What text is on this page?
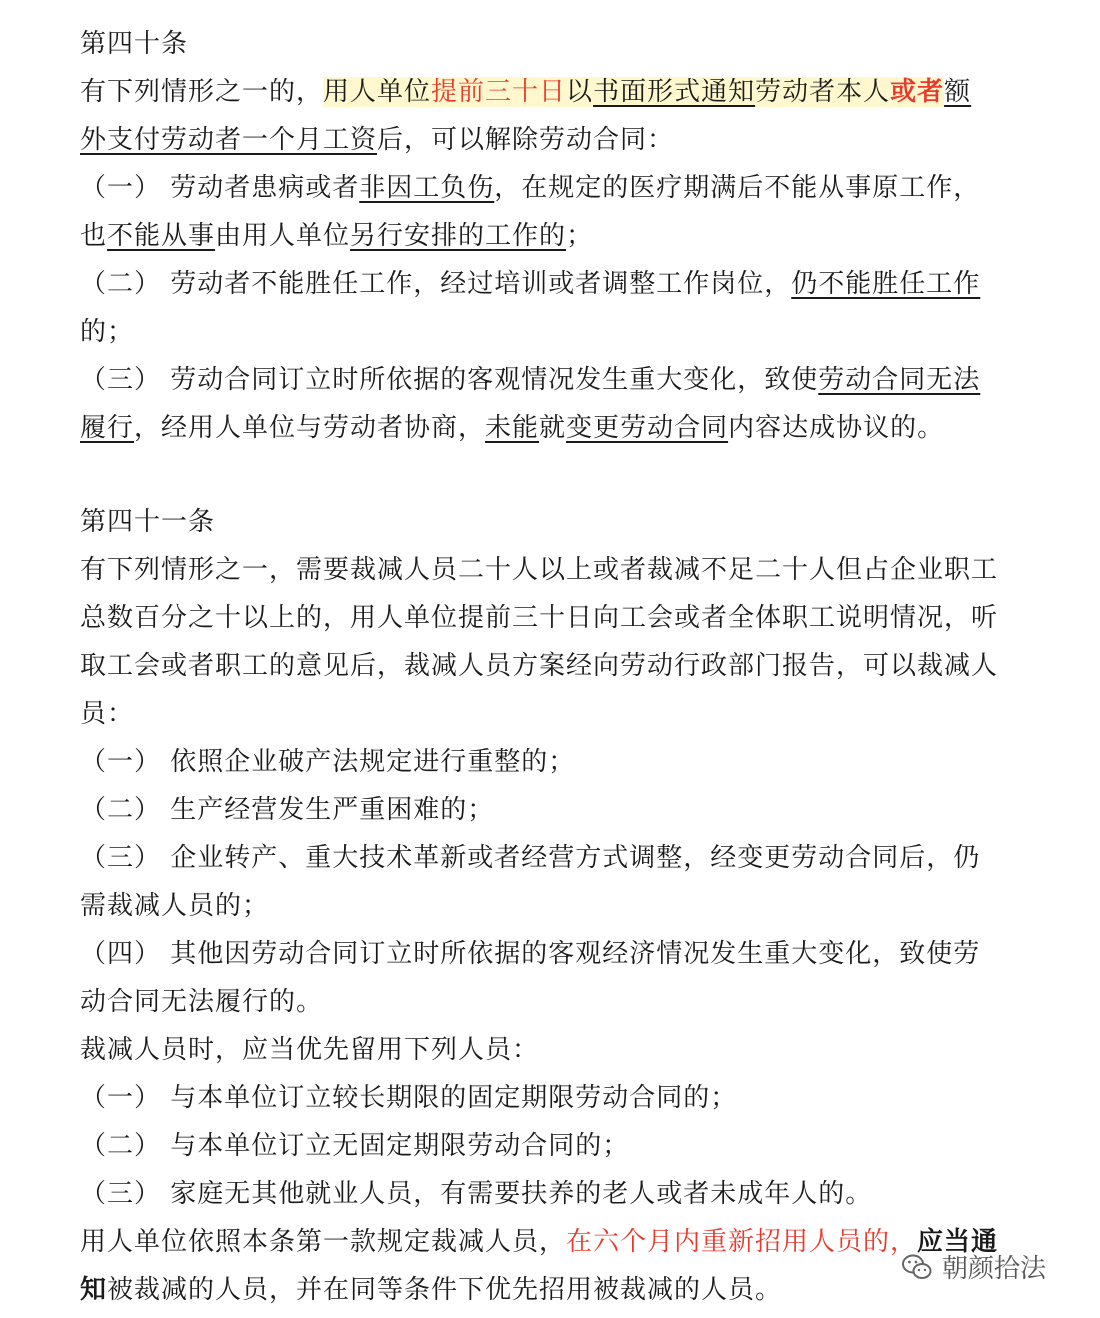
第四十条
有下列情形之一的，用人单位提前三十日以书面形式通知劳动者本人或者额
外支付劳动者一个月工资后，可以解除劳动合同：
（一） 劳动者患病或者非因工负伤，在规定的医疗期满后不能从事原工作，
也不能从事由用人单位另行安排的工作的；
（二） 劳动者不能胜任工作，经过培训或者调整工作岗位，仍不能胜任工作
的；
（三） 劳动合同订立时所依据的客观情况发生重大变化，致使劳动合同无法
履行，经用人单位与劳动者协商，未能就变更劳动合同内容达成协议的。
第四十一条
有下列情形之一，需要裁减人员二十人以上或者裁减不足二十人但占企业职工
总数百分之十以上的，用人单位提前三十日向工会或者全体职工说明情况，听
取工会或者职工的意见后，裁减人员方案经向劳动行政部门报告，可以裁减人
员：
（一） 依照企业破产法规定进行重整的；
（二） 生产经营发生严重困难的；
（三） 企业转产、重大技术革新或者经营方式调整，经变更劳动合同后，仍
需裁减人员的；
（四） 其他因劳动合同订立时所依据的客观经济情况发生重大变化，致使劳
动合同无法履行的。
裁减人员时，应当优先留用下列人员：
（一） 与本单位订立较长期限的固定期限劳动合同的；
（二） 与本单位订立无固定期限劳动合同的；
（三） 家庭无其他就业人员，有需要扶养的老人或者未成年人的。
用人单位依照本条第一款规定裁减人员，在六个月内重新招用人员的，应当通
知被裁减的人员，并在同等条件下优先招用被裁减的人员。
朝颜拾法
